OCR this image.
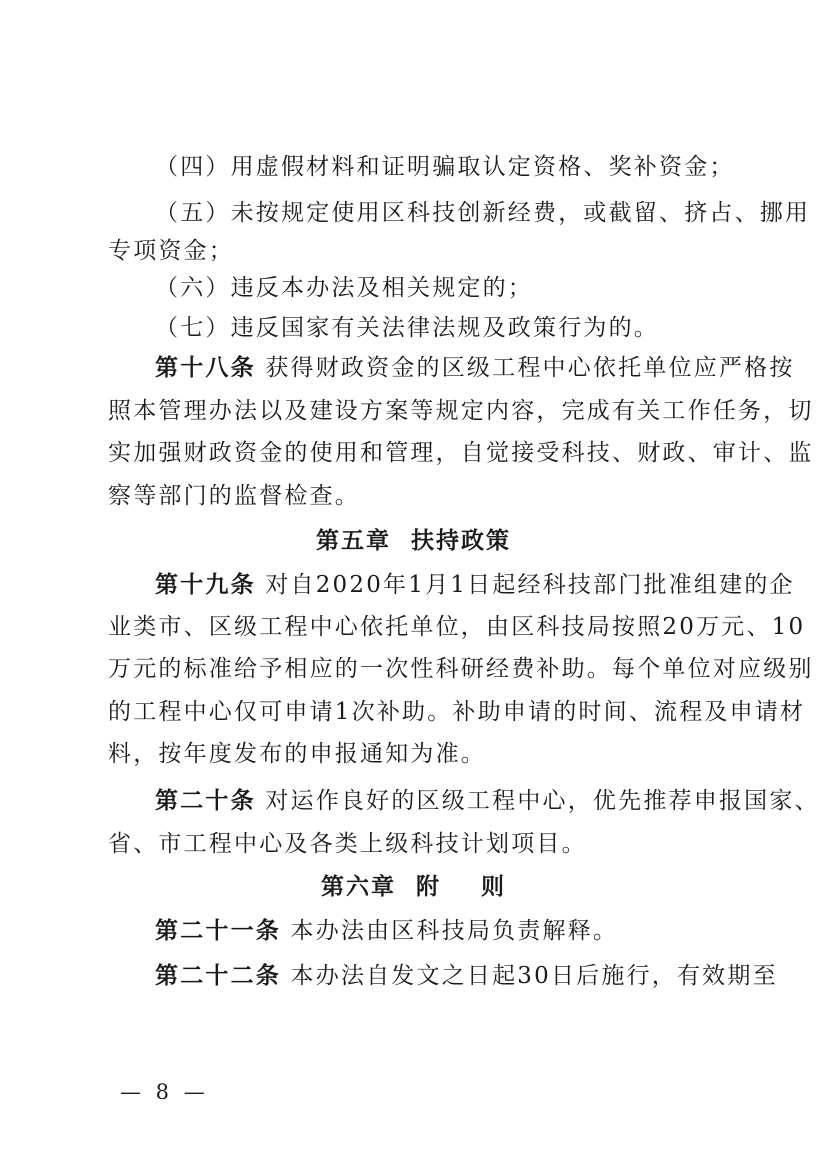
（四）用虚假材料和证明骗取认定资格、奖补资金；
（五）未按规定使用区科技创新经费，或截留、挤占、挪用
专项资金；
（六）违反本办法及相关规定的；
（七）违反国家有关法律法规及政策行为的。
第十八条 获得财政资金的区级工程中心依托单位应严格按
照本管理办法以及建设方案等规定内容，完成有关工作任务，切
实加强财政资金的使用和管理，自觉接受科技、财政、审计、监
察等部门的监督检查。
第五章  扶持政策
第十九条 对自2020年1月1日起经科技部门批准组建的企
业类市、区级工程中心依托单位，由区科技局按照20万元、10
万元的标准给予相应的一次性科研经费补助。每个单位对应级别
的工程中心仅可申请1次补助。补助申请的时间、流程及申请材
料，按年度发布的申报通知为准。
第二十条 对运作良好的区级工程中心，优先推荐申报国家、
省、市工程中心及各类上级科技计划项目。
第六章  附    则
第二十一条 本办法由区科技局负责解释。
第二十二条 本办法自发文之日起30日后施行，有效期至
— 8 —
